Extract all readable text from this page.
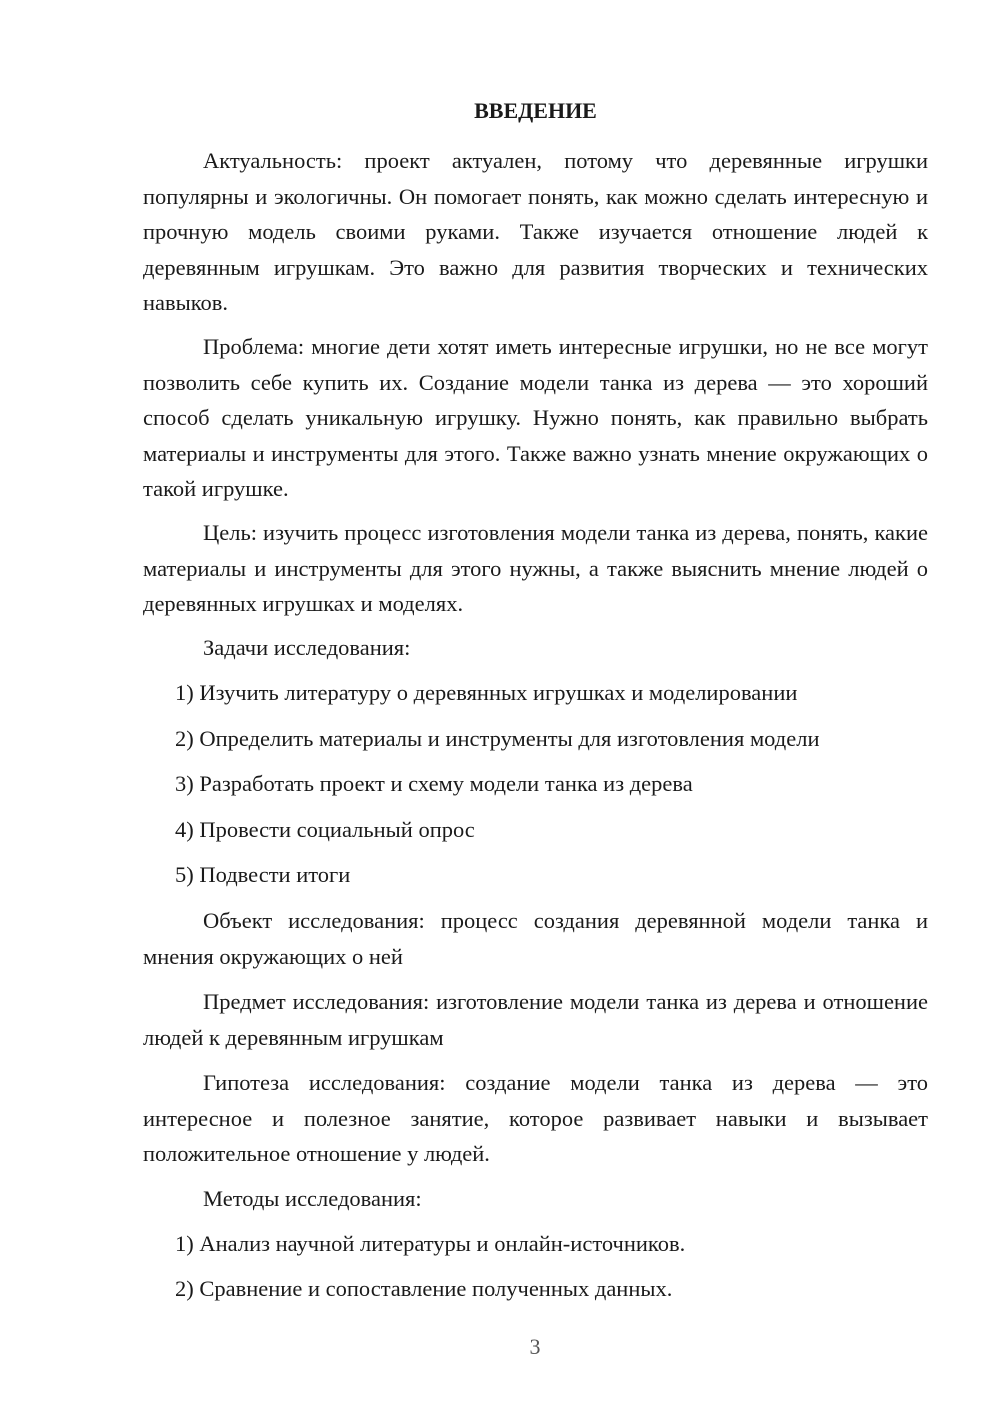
ВВЕДЕНИЕ

Актуальность: проект актуален, потому что деревянные игрушки популярны и экологичны. Он помогает понять, как можно сделать интересную и прочную модель своими руками. Также изучается отношение людей к деревянным игрушкам. Это важно для развития творческих и технических навыков.

Проблема: многие дети хотят иметь интересные игрушки, но не все могут позволить себе купить их. Создание модели танка из дерева — это хороший способ сделать уникальную игрушку. Нужно понять, как правильно выбрать материалы и инструменты для этого. Также важно узнать мнение окружающих о такой игрушке.

Цель: изучить процесс изготовления модели танка из дерева, понять, какие материалы и инструменты для этого нужны, а также выяснить мнение людей о деревянных игрушках и моделях.

Задачи исследования:

1) Изучить литературу о деревянных игрушках и моделировании

2) Определить материалы и инструменты для изготовления модели

3) Разработать проект и схему модели танка из дерева

4) Провести социальный опрос

5) Подвести итоги

Объект исследования: процесс создания деревянной модели танка и мнения окружающих о ней

Предмет исследования: изготовление модели танка из дерева и отношение людей к деревянным игрушкам

Гипотеза исследования: создание модели танка из дерева — это интересное и полезное занятие, которое развивает навыки и вызывает положительное отношение у людей.

Методы исследования:

1) Анализ научной литературы и онлайн-источников.

2) Сравнение и сопоставление полученных данных.

3
